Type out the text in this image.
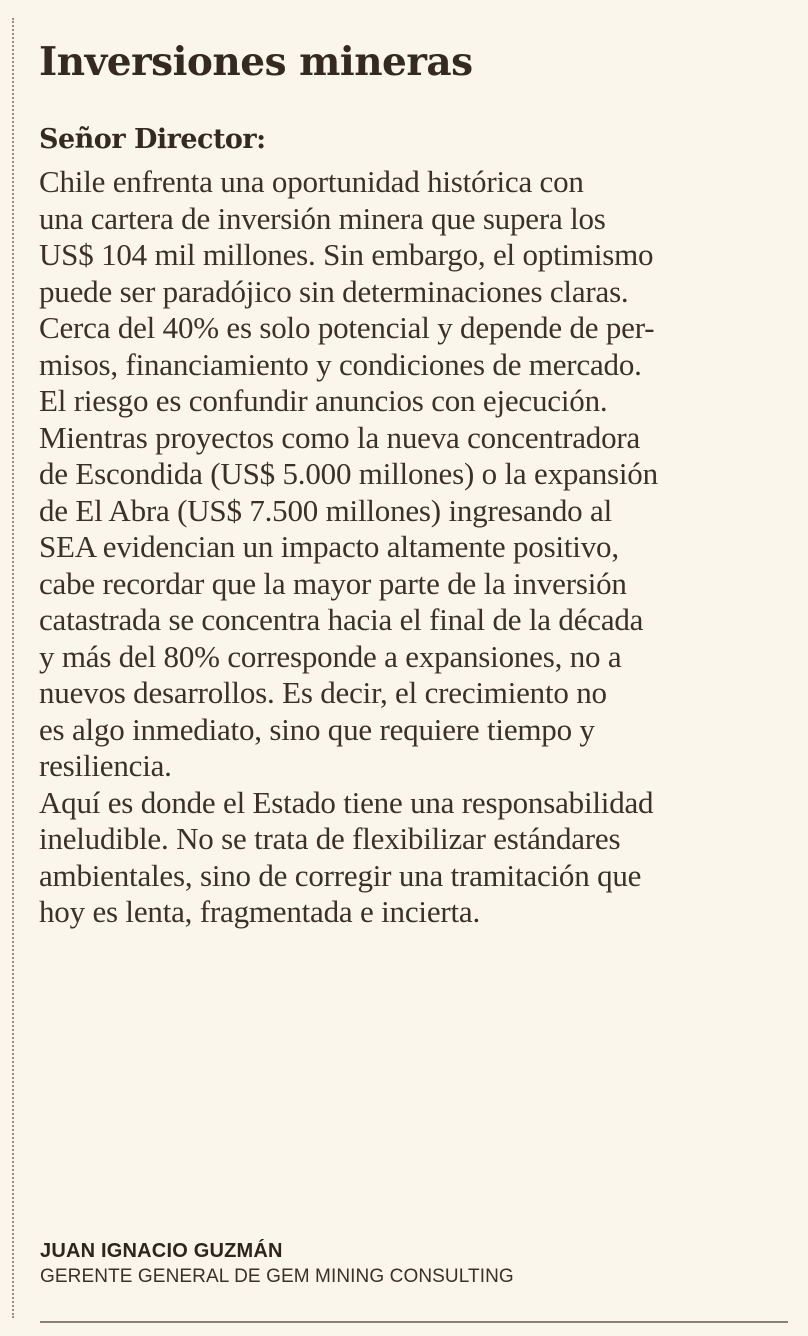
Inversiones mineras
Señor Director:
Chile enfrenta una oportunidad histórica con
una cartera de inversión minera que supera los
US$ 104 mil millones. Sin embargo, el optimismo
puede ser paradójico sin determinaciones claras.
Cerca del 40% es solo potencial y depende de per-
misos, financiamiento y condiciones de mercado.
El riesgo es confundir anuncios con ejecución.
Mientras proyectos como la nueva concentradora
de Escondida (US$ 5.000 millones) o la expansión
de El Abra (US$ 7.500 millones) ingresando al
SEA evidencian un impacto altamente positivo,
cabe recordar que la mayor parte de la inversión
catastrada se concentra hacia el final de la década
y más del 80% corresponde a expansiones, no a
nuevos desarrollos. Es decir, el crecimiento no
es algo inmediato, sino que requiere tiempo y
resiliencia.
Aquí es donde el Estado tiene una responsabilidad
ineludible. No se trata de flexibilizar estándares
ambientales, sino de corregir una tramitación que
hoy es lenta, fragmentada e incierta.
JUAN IGNACIO GUZMÁN
GERENTE GENERAL DE GEM MINING CONSULTING
